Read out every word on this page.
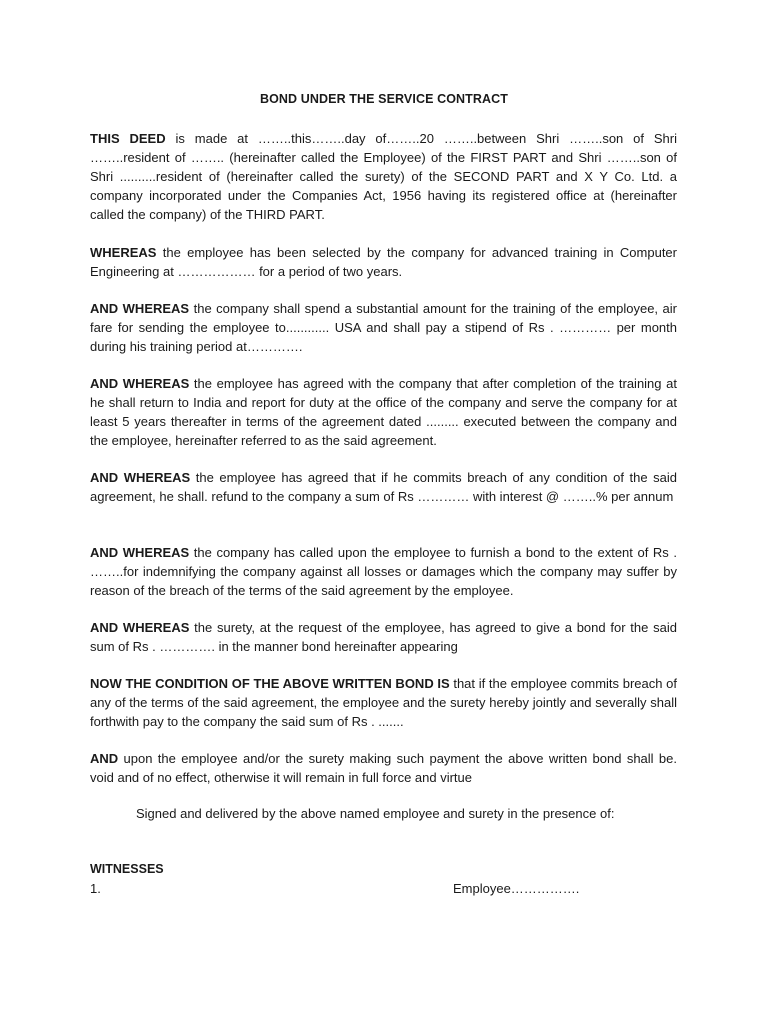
BOND UNDER THE SERVICE CONTRACT
THIS DEED is made at ……..this……..day of……..20 ……..between Shri ……..son of Shri ……..resident of …….. (hereinafter called the Employee) of the FIRST PART and Shri ……..son of Shri ..........resident of (hereinafter called the surety) of the SECOND PART and X Y Co. Ltd. a company incorporated under the Companies Act, 1956 having its registered office at (hereinafter called the company) of the THIRD PART.
WHEREAS the employee has been selected by the company for advanced training in Computer Engineering at ……………… for a period of two years.
AND WHEREAS the company shall spend a substantial amount for the training of the employee, air fare for sending the employee to............ USA and shall pay a stipend of Rs . ………… per month during his training period at………….
AND WHEREAS the employee has agreed with the company that after completion of the training at he shall return to India and report for duty at the office of the company and serve the company for at least 5 years thereafter in terms of the agreement dated ......... executed between the company and the employee, hereinafter referred to as the said agreement.
AND WHEREAS the employee has agreed that if he commits breach of any condition of the said agreement, he shall. refund to the company a sum of Rs ………… with interest @ ……..% per annum
AND WHEREAS the company has called upon the employee to furnish a bond to the extent of Rs . ……..for indemnifying the company against all losses or damages which the company may suffer by reason of the breach of the terms of the said agreement by the employee.
AND WHEREAS the surety, at the request of the employee, has agreed to give a bond for the said sum of Rs . …………. in the manner bond hereinafter appearing
NOW THE CONDITION OF THE ABOVE WRITTEN BOND IS that if the employee commits breach of any of the terms of the said agreement, the employee and the surety hereby jointly and severally shall forthwith pay to the company the said sum of Rs . .......
AND upon the employee and/or the surety making such payment the above written bond shall be. void and of no effect, otherwise it will remain in full force and virtue
Signed and delivered by the above named employee and surety in the presence of:
WITNESSES
1.	Employee…………….
